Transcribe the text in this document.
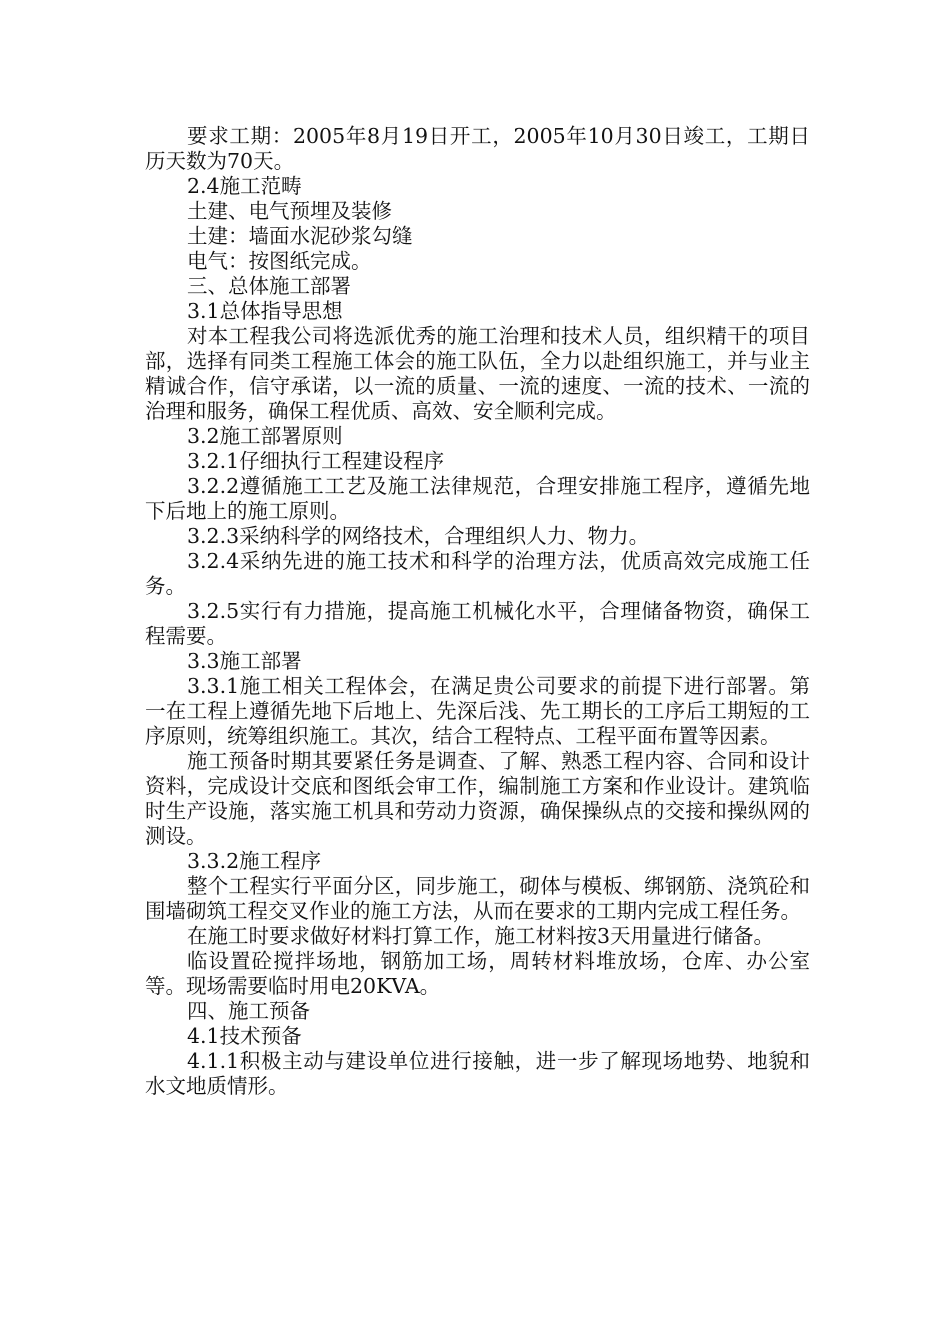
要求工期：2005年8月19日开工，2005年10月30日竣工，工期日历天数为70天。

2.4施工范畴

土建、电气预埋及装修

土建：墙面水泥砂浆勾缝

电气：按图纸完成。

三、总体施工部署

3.1总体指导思想

对本工程我公司将选派优秀的施工治理和技术人员，组织精干的项目部，选择有同类工程施工体会的施工队伍，全力以赴组织施工，并与业主精诚合作，信守承诺，以一流的质量、一流的速度、一流的技术、一流的治理和服务，确保工程优质、高效、安全顺利完成。

3.2施工部署原则

3.2.1仔细执行工程建设程序

3.2.2遵循施工工艺及施工法律规范，合理安排施工程序，遵循先地下后地上的施工原则。

3.2.3采纳科学的网络技术，合理组织人力、物力。

3.2.4采纳先进的施工技术和科学的治理方法，优质高效完成施工任务。

3.2.5实行有力措施，提高施工机械化水平，合理储备物资，确保工程需要。

3.3施工部署

3.3.1施工相关工程体会，在满足贵公司要求的前提下进行部署。第一在工程上遵循先地下后地上、先深后浅、先工期长的工序后工期短的工序原则，统筹组织施工。其次，结合工程特点、工程平面布置等因素。

施工预备时期其要紧任务是调查、了解、熟悉工程内容、合同和设计资料，完成设计交底和图纸会审工作，编制施工方案和作业设计。建筑临时生产设施，落实施工机具和劳动力资源，确保操纵点的交接和操纵网的测设。

3.3.2施工程序

整个工程实行平面分区，同步施工，砌体与模板、绑钢筋、浇筑砼和围墙砌筑工程交叉作业的施工方法，从而在要求的工期内完成工程任务。

在施工时要求做好材料打算工作，施工材料按3天用量进行储备。

临设置砼搅拌场地，钢筋加工场，周转材料堆放场，仓库、办公室等。现场需要临时用电20KVA。

四、施工预备

4.1技术预备

4.1.1积极主动与建设单位进行接触，进一步了解现场地势、地貌和水文地质情形。
